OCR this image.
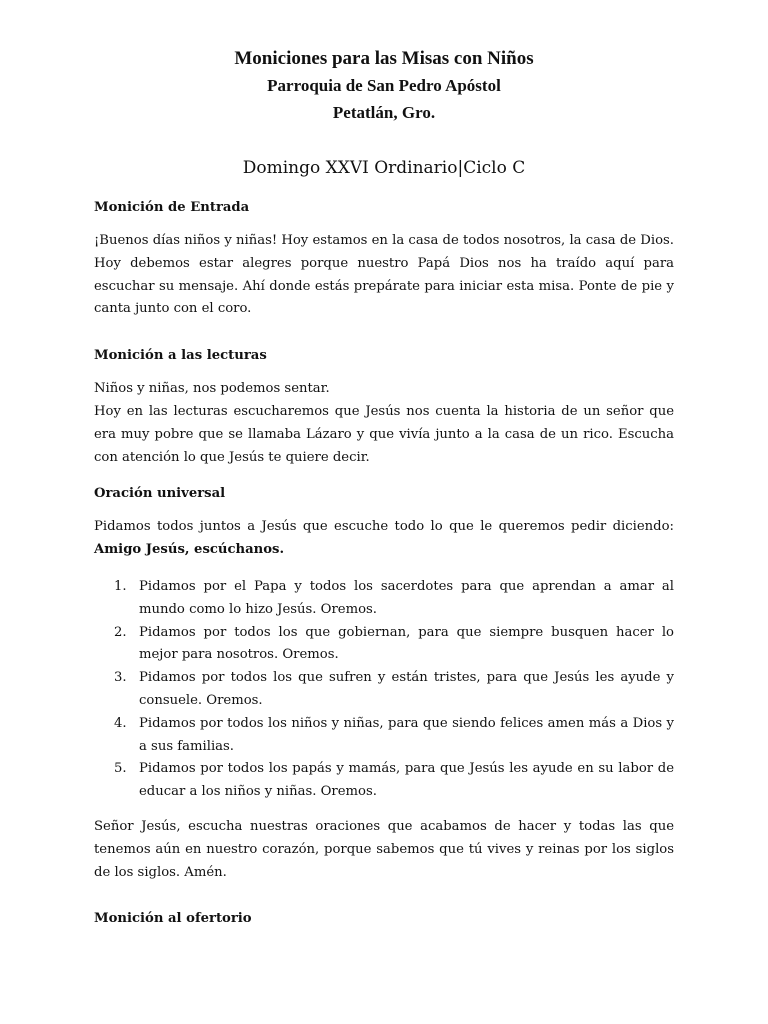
Moniciones para las Misas con Niños
Parroquia de San Pedro Apóstol
Petatlán, Gro.
Domingo XXVI Ordinario|Ciclo C
Monición de Entrada
¡Buenos días niños y niñas! Hoy estamos en la casa de todos nosotros, la casa de Dios. Hoy debemos estar alegres porque nuestro Papá Dios nos ha traído aquí para escuchar su mensaje. Ahí donde estás prepárate para iniciar esta misa. Ponte de pie y canta junto con el coro.
Monición a las lecturas
Niños y niñas, nos podemos sentar.
Hoy en las lecturas escucharemos que Jesús nos cuenta la historia de un señor que era muy pobre que se llamaba Lázaro y que vivía junto a la casa de un rico. Escucha con atención lo que Jesús te quiere decir.
Oración universal
Pidamos todos juntos a Jesús que escuche todo lo que le queremos pedir diciendo: Amigo Jesús, escúchanos.
1. Pidamos por el Papa y todos los sacerdotes para que aprendan a amar al mundo como lo hizo Jesús. Oremos.
2. Pidamos por todos los que gobiernan, para que siempre busquen hacer lo mejor para nosotros. Oremos.
3. Pidamos por todos los que sufren y están tristes, para que Jesús les ayude y consuele. Oremos.
4. Pidamos por todos los niños y niñas, para que siendo felices amen más a Dios y a sus familias.
5. Pidamos por todos los papás y mamás, para que Jesús les ayude en su labor de educar a los niños y niñas. Oremos.
Señor Jesús, escucha nuestras oraciones que acabamos de hacer y todas las que tenemos aún en nuestro corazón, porque sabemos que tú vives y reinas por los siglos de los siglos. Amén.
Monición al ofertorio
